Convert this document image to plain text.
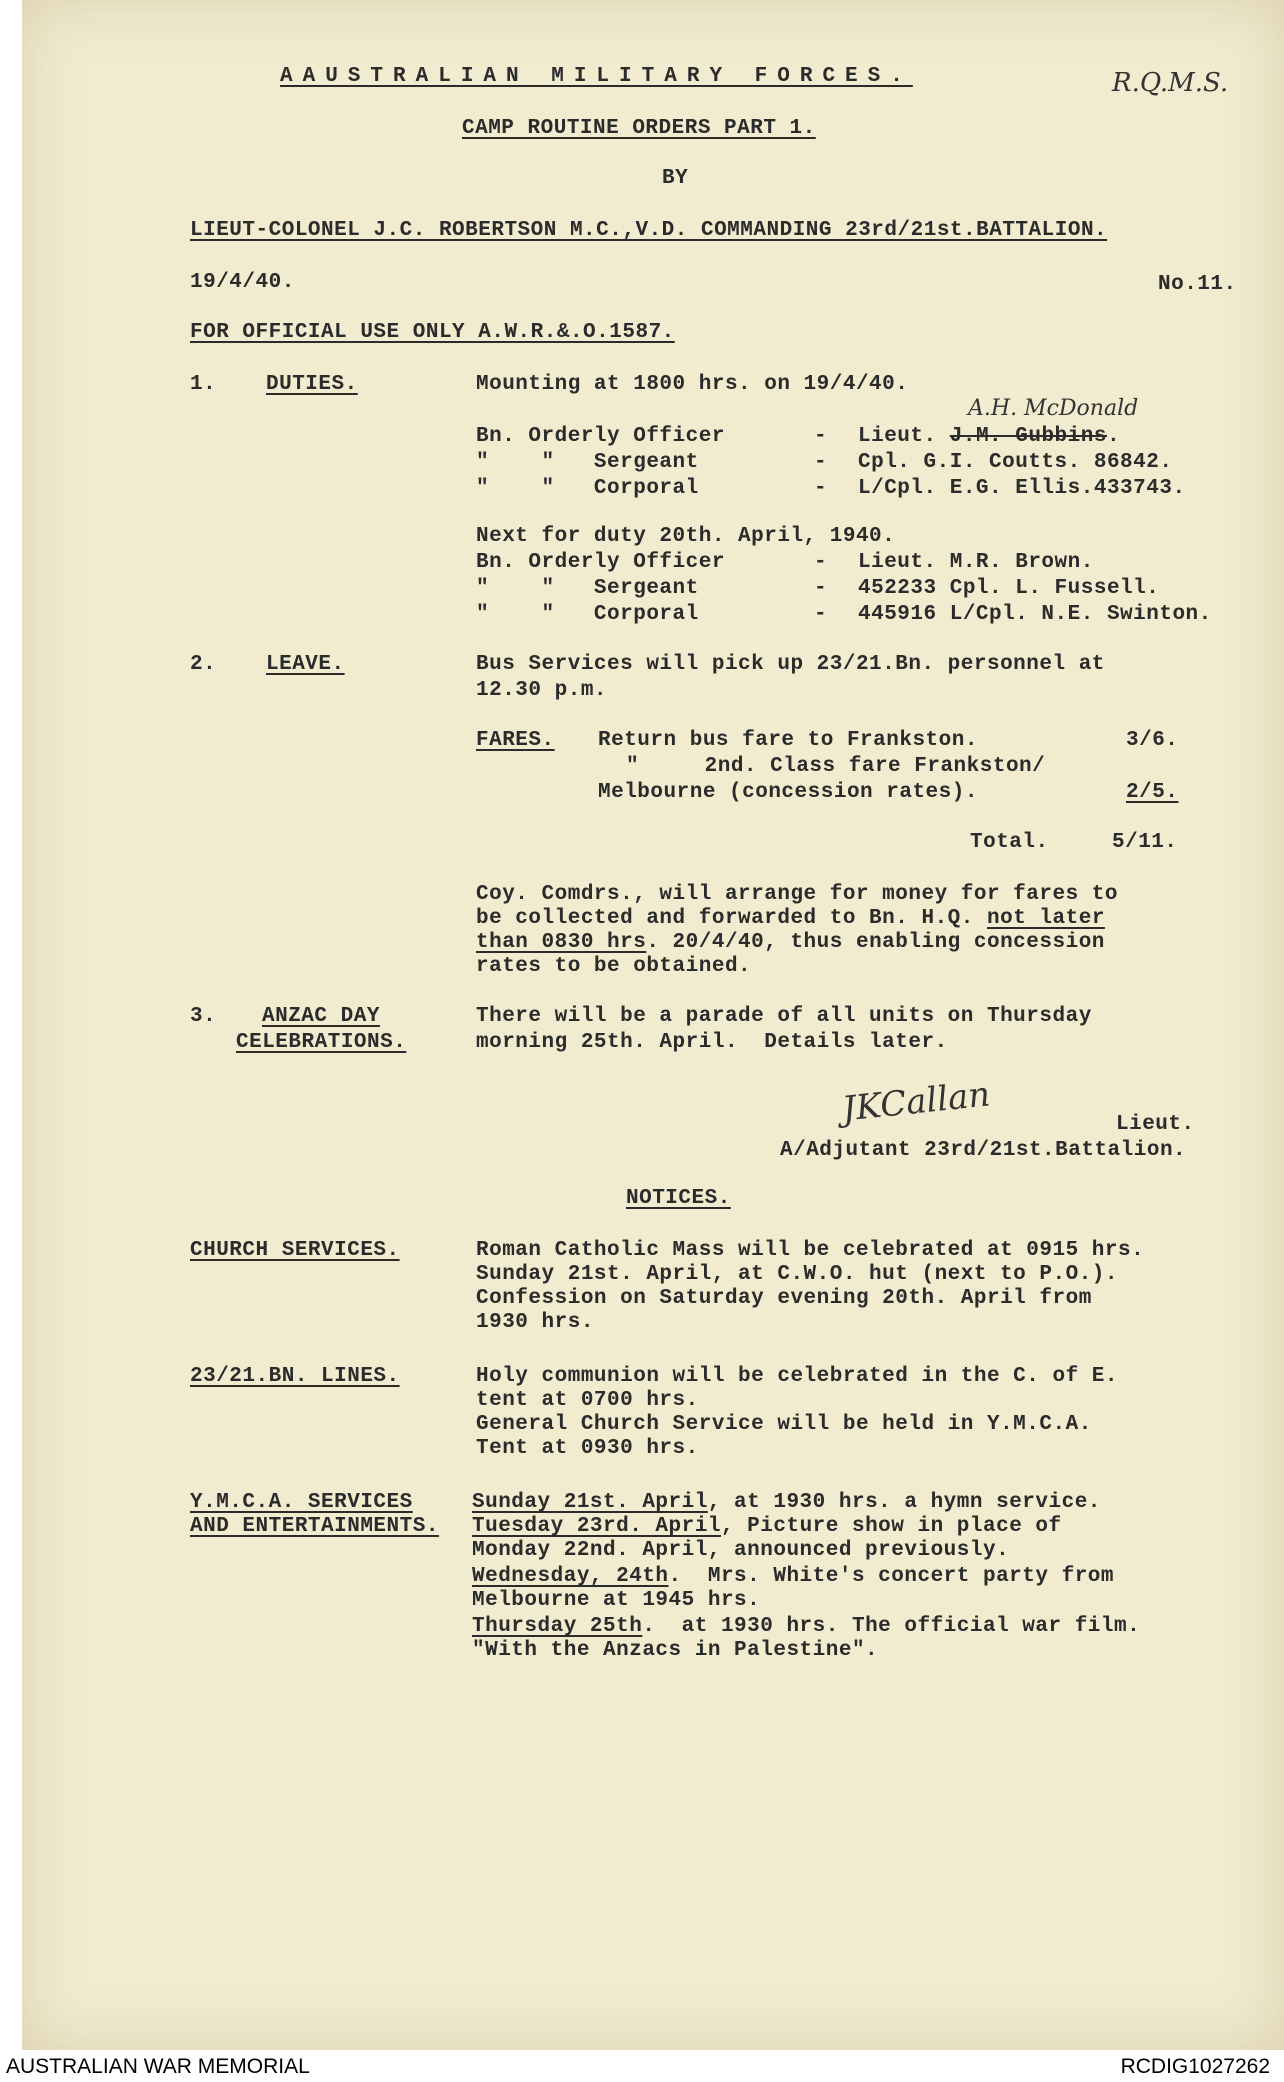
AAUSTRALIAN MILITARY FORCES.	R.Q.M.S.
CAMP ROUTINE ORDERS PART 1.
BY
LIEUT-COLONEL J.C. ROBERTSON M.C.,V.D. COMMANDING 23rd/21st.BATTALION.
19/4/40.	No.11.
FOR OFFICIAL USE ONLY A.W.R.&.O.1587.
1. DUTIES.	Mounting at 1800 hrs. on 19/4/40.
A.H. McDonald
Bn. Orderly Officer	- Lieut. J.M. Gubbins.
"    "   Sergeant	- Cpl. G.I. Coutts. 86842.
"    "   Corporal	- L/Cpl. E.G. Ellis.433743.
Next for duty 20th. April, 1940.
Bn. Orderly Officer	- Lieut. M.R. Brown.
"    "   Sergeant	- 452233 Cpl. L. Fussell.
"    "   Corporal	- 445916 L/Cpl. N.E. Swinton.
2. LEAVE.	Bus Services will pick up 23/21.Bn. personnel at
12.30 p.m.
FARES. Return bus fare to Frankston.	3/6.
"     2nd. Class fare Frankston/
Melbourne (concession rates).	2/5.
Total.	5/11.
Coy. Comdrs., will arrange for money for fares to
be collected and forwarded to Bn. H.Q. not later
than 0830 hrs. 20/4/40, thus enabling concession
rates to be obtained.
3. ANZAC DAY
CELEBRATIONS.
There will be a parade of all units on Thursday
morning 25th. April.  Details later.
JKCallan	Lieut.
A/Adjutant 23rd/21st.Battalion.
NOTICES.
CHURCH SERVICES.	Roman Catholic Mass will be celebrated at 0915 hrs.
Sunday 21st. April, at C.W.O. hut (next to P.O.).
Confession on Saturday evening 20th. April from
1930 hrs.
23/21.BN. LINES.	Holy communion will be celebrated in the C. of E.
tent at 0700 hrs.
General Church Service will be held in Y.M.C.A.
Tent at 0930 hrs.
Y.M.C.A. SERVICES
AND ENTERTAINMENTS.
Sunday 21st. April, at 1930 hrs. a hymn service.
Tuesday 23rd. April, Picture show in place of
Monday 22nd. April, announced previously.
Wednesday, 24th.  Mrs. White's concert party from
Melbourne at 1945 hrs.
Thursday 25th.  at 1930 hrs. The official war film.
"With the Anzacs in Palestine".
AUSTRALIAN WAR MEMORIAL	RCDIG1027262
